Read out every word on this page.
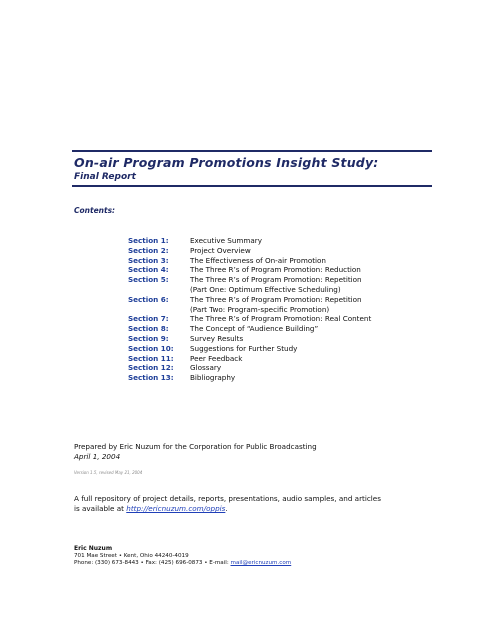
On-air Program Promotions Insight Study:
Final Report
Contents:
Section 1:	Executive Summary
Section 2:	Project Overview
Section 3:	The Effectiveness of On-air Promotion
Section 4:	The Three R’s of Program Promotion: Reduction
Section 5:	The Three R’s of Program Promotion: Repetition
(Part One: Optimum Effective Scheduling)
Section 6:	The Three R’s of Program Promotion: Repetition
(Part Two: Program-specific Promotion)
Section 7:	The Three R’s of Program Promotion: Real Content
Section 8:	The Concept of “Audience Building”
Section 9:	Survey Results
Section 10:	Suggestions for Further Study
Section 11:	Peer Feedback
Section 12:	Glossary
Section 13:	Bibliography
Prepared by Eric Nuzum for the Corporation for Public Broadcasting
April 1, 2004
Version 1.5, revised May 21, 2004
A full repository of project details, reports, presentations, audio samples, and articles
is available at http://ericnuzum.com/oppis.
Eric Nuzum
701 Mae Street • Kent, Ohio 44240-4019
Phone: (330) 673-8443 • Fax: (425) 696-0873 • E-mail: mail@ericnuzum.com
